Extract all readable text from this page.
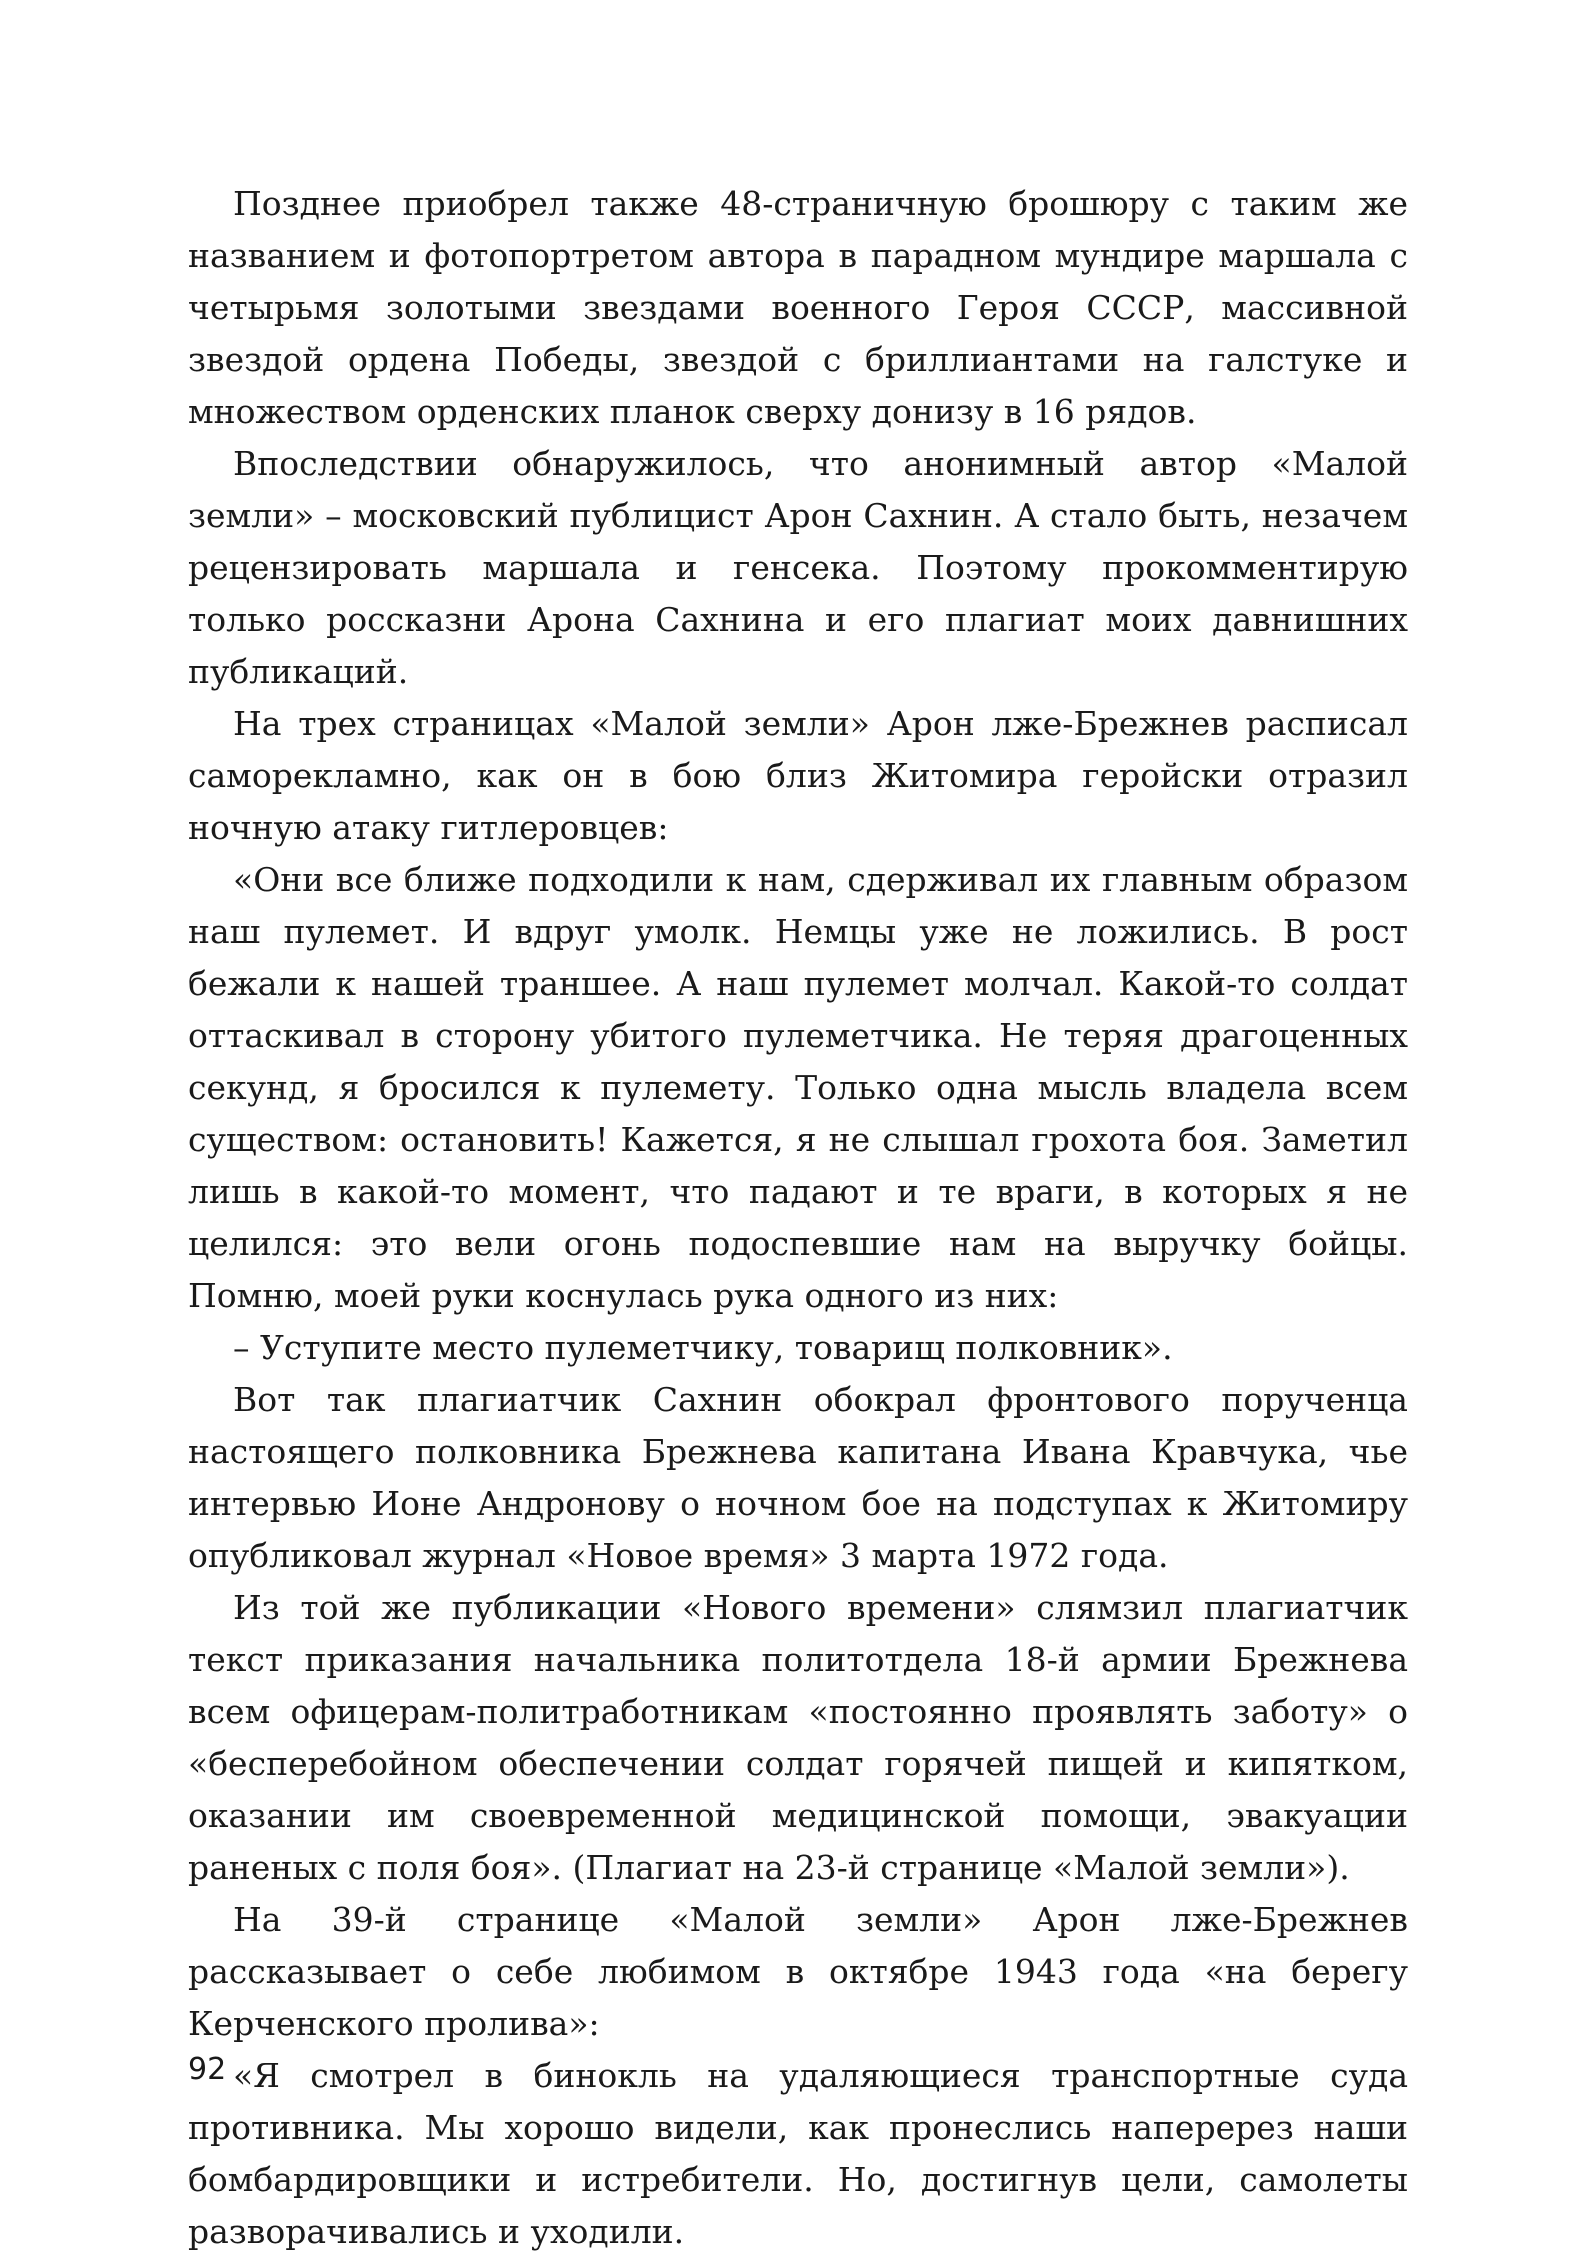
Позднее приобрел также 48-страничную брошюру с таким же названием и фотопортретом автора в парадном мундире маршала с четырьмя золотыми звездами военного Героя СССР, массивной звездой ордена Победы, звездой с бриллиантами на галстуке и множеством орденских планок сверху донизу в 16 рядов.

Впоследствии обнаружилось, что анонимный автор «Малой земли» – московский публицист Арон Сахнин. А стало быть, незачем рецензировать маршала и генсека. Поэтому прокомментирую только россказни Арона Сахнина и его плагиат моих давнишних публикаций.

На трех страницах «Малой земли» Арон лже-Брежнев расписал саморекламно, как он в бою близ Житомира геройски отразил ночную атаку гитлеровцев:

«Они все ближе подходили к нам, сдерживал их главным образом наш пулемет. И вдруг умолк. Немцы уже не ложились. В рост бежали к нашей траншее. А наш пулемет молчал. Какой-то солдат оттаскивал в сторону убитого пулеметчика. Не теряя драгоценных секунд, я бросился к пулемету. Только одна мысль владела всем существом: остановить! Кажется, я не слышал грохота боя. Заметил лишь в какой-то момент, что падают и те враги, в которых я не целился: это вели огонь подоспевшие нам на выручку бойцы. Помню, моей руки коснулась рука одного из них:

– Уступите место пулеметчику, товарищ полковник».

Вот так плагиатчик Сахнин обокрал фронтового порученца настоящего полковника Брежнева капитана Ивана Кравчука, чье интервью Ионе Андронову о ночном бое на подступах к Житомиру опубликовал журнал «Новое время» 3 марта 1972 года.

Из той же публикации «Нового времени» слямзил плагиатчик текст приказания начальника политотдела 18-й армии Брежнева всем офицерам-политработникам «постоянно проявлять заботу» о «бесперебойном обеспечении солдат горячей пищей и кипятком, оказании им своевременной медицинской помощи, эвакуации раненых с поля боя». (Плагиат на 23-й странице «Малой земли»).

На 39-й странице «Малой земли» Арон лже-Брежнев рассказывает о себе любимом в октябре 1943 года «на берегу Керченского пролива»:

«Я смотрел в бинокль на удаляющиеся транспортные суда противника. Мы хорошо видели, как пронеслись наперерез наши бомбардировщики и истребители. Но, достигнув цели, самолеты разворачивались и уходили.

92
